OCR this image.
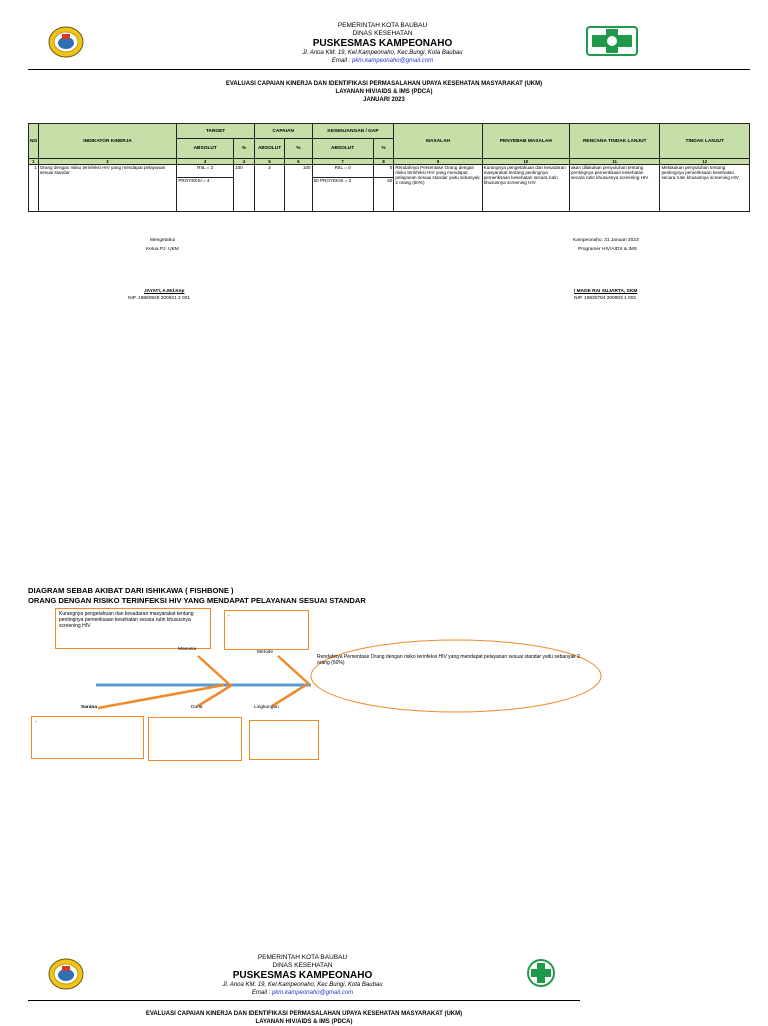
PEMERINTAH KOTA BAUBAU
DINAS KESEHATAN
PUSKESMAS KAMPEONAHO
Jl. Anoa KM. 19, Kel.Kampeonaho, Kec.Bungi, Kota Baubau
Email : pkm.kampeonaho@gmail.com
EVALUASI CAPAIAN KINERJA DAN IDENTIFIKASI PERMASALAHAN UPAYA KESEHATAN MASYARAKAT (UKM)
LAYANAN HIV/AIDS & IMS (PDCA)
JANUARI 2023
NO	INDIKATOR KINERJA	TARGET		CAPAIAN		KESENJANGAN / GAP		MASALAH	PENYEBAB MASALAH	RENCANA TINDAK LANJUT	TINDAK LANJUT
		ABSOLUT	%	ABSOLUT	%	ABSOLUT	%				
1	2	3	4	5	6	7	8	9	10	11	12
1	Orang dengan risiko terinfeksi HIV yang mendapat pelayanan sesuai standar	RIIL = 2	100	2	100	RIIL = 0	0	Rendahnya Persentase Orang dengan risiko terinfeksi HIV yang mendapat pelayanan sesuai standar yaitu sebanyak 2 orang (50%)	Kurangnya pengetahuan dan kesadaran masyarakat tentang pentingnya pemeriksaan kesehatan secara rutin khususnya screening HIV	akan dilakukan penyuluhan tentang pentingnya pemeriksaan kesehatan secara rutin khususnya screening HIV	Melakukan penyuluhan tentang pentingnya pemeriksaan kesehatan secara rutin khususnya screening HIV
		PROYEKSI = 4				50 PROYEKSI = 2	50				
Mengetahui
Ketua PJ. UKM
JAYATI, A.Md.Kep
NIP. 19860929 200821 2 001
Kampeonaho, 31 Januari 2023
Programer HIV/AIDS & IMS
I MADE RAI SUJARTA, SKM
NIP. 19830704 200803 1 002
DIAGRAM SEBAB AKIBAT DARI ISHIKAWA ( FISHBONE )
ORANG DENGAN RISIKO TERINFEKSI HIV YANG MENDAPAT PELAYANAN SESUAI STANDAR
Kurangnya pengetahuan dan kesadaran masyarakat tentang pentingnya pemeriksaan kesehatan secara rutin khususnya screening HIV
-
Rendahnya Persentase Orang dengan risiko terinfeksi HIV yang mendapat pelayanan sesuai standar yaitu sebanyak 2 orang (50%)
Manusia
Metode
Sarana	Dana	Lingkungan
-
PEMERINTAH KOTA BAUBAU
DINAS KESEHATAN
PUSKESMAS KAMPEONAHO
Jl. Anoa KM. 19, Kel.Kampeonaho, Kec.Bungi, Kota Baubau
Email : pkm.kampeonaho@gmail.com
EVALUASI CAPAIAN KINERJA DAN IDENTIFIKASI PERMASALAHAN UPAYA KESEHATAN MASYARAKAT (UKM)
LAYANAN HIV/AIDS & IMS (PDCA)
